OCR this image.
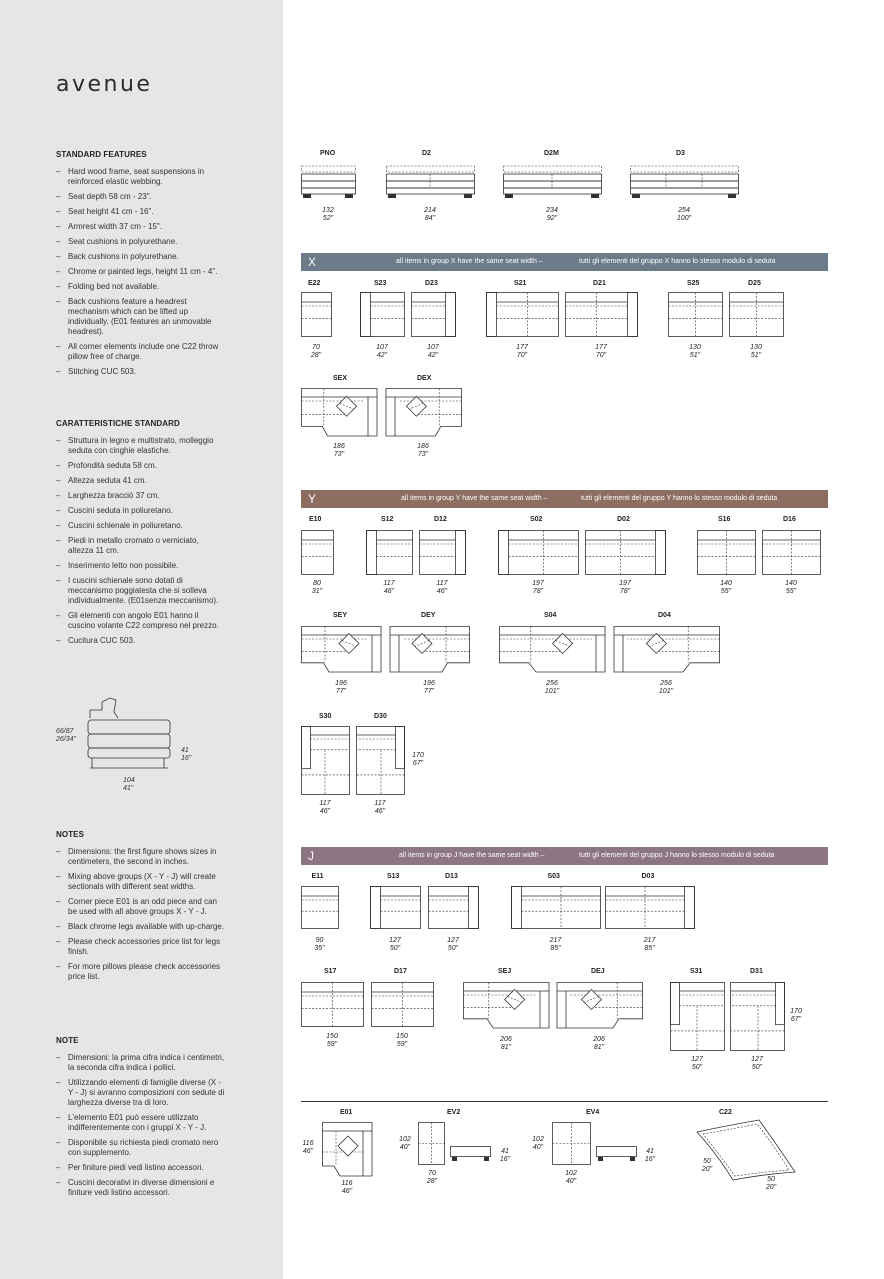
avenue
STANDARD FEATURES
– Hard wood frame, seat suspensions in reinforced elastic webbing.
– Seat depth 58 cm - 23".
– Seat height 41 cm - 16".
– Armrest width 37 cm - 15".
– Seat cushions in polyurethane.
– Back cushions in polyurethane.
– Chrome or painted legs, height 11 cm - 4".
– Folding bed not available.
– Back cushions feature a headrest mechanism which can be lifted up individually. (E01 features an unmovable headrest).
– All corner elements include one C22 throw pillow free of charge.
– Stitching CUC 503.
CARATTERISTICHE STANDARD
– Struttura in legno e multistrato, molleggio seduta con cinghie elastiche.
– Profondità seduta 58 cm.
– Altezza seduta 41 cm.
– Larghezza bracció 37 cm.
– Cuscini seduta in poliuretano.
– Cuscini schienale in poliuretano.
– Piedi in metallo cromato o verniciato, altezza 11 cm.
– Inserimento letto non possibile.
– I cuscini schienale sono dotati di meccanismo poggiatesta che si solleva individualmente. (E01senza meccanismo).
– Gli elementi con angolo E01 hanno il cuscino volante C22 compreso nel prezzo.
– Cucitura CUC 503.
66/87
26/34"
41
16"
104
41"
NOTES
– Dimensions: the first figure shows sizes in centimeters, the second in inches.
– Mixing above groups (X - Y - J) will create sectionals with different seat widths.
– Corner piece E01 is an odd piece and can be used with all above groups X - Y - J.
– Black chrome legs available with up-charge.
– Please check accessories price list for legs finish.
– For more pillows please check accessories price list.
NOTE
– Dimensioni: la prima cifra indica i centimetri, la seconda cifra indica i pollici.
– Utilizzando elementi di famiglie diverse (X - Y - J) si avranno composizioni con sedute di larghezza diverse tra di loro.
– L'elemento E01 può essere utilizzato indifferentemente con i gruppi X - Y - J.
– Disponibile su richiesta piedi cromato nero con supplemento.
– Per finiture piedi vedi listino accessori.
– Cuscini decorativi in diverse dimensioni e finiture vedi listino accessori.
X	all items in group X have the same seat width –	tutti gli elementi del gruppo X hanno lo stesso modulo di seduta
Y	all items in group Y have the same seat width –	tutti gli elementi del gruppo Y hanno lo stesso modulo di seduta
J	all items in group J have the same seat width –	tutti gli elementi del gruppo J hanno lo stesso modulo di seduta
PNO
132
52"
D2
214
84"
D2M
234
92"
D3
254
100"
E22
70
28"
S23
107
42"
D23
107
42"
S21
177
70"
D21
177
70"
S25
130
51"
D25
130
51"
SEX
186
73"
DEX
186
73"
E10
80
31"
S12
117
46"
D12
117
46"
S02
197
78"
D02
197
78"
S16
140
55"
D16
140
55"
SEY
196
77"
DEY
196
77"
S04
256
101"
D04
256
101"
S30
117
46"
D30
117
46"
170
67"
E11
90
35"
S13
127
50"
D13
127
50"
S03
217
85"
D03
217
85"
S17
150
59"
D17
150
59"
SEJ
206
81"
DEJ
206
81"
S31
127
50"
D31
127
50"
170
67"
E01
116
46"
116
46"
EV2
102
40"
70
28"
41
16"
EV4
102
40"
102
40"
41
16"
C22
50
20"
50
20"
